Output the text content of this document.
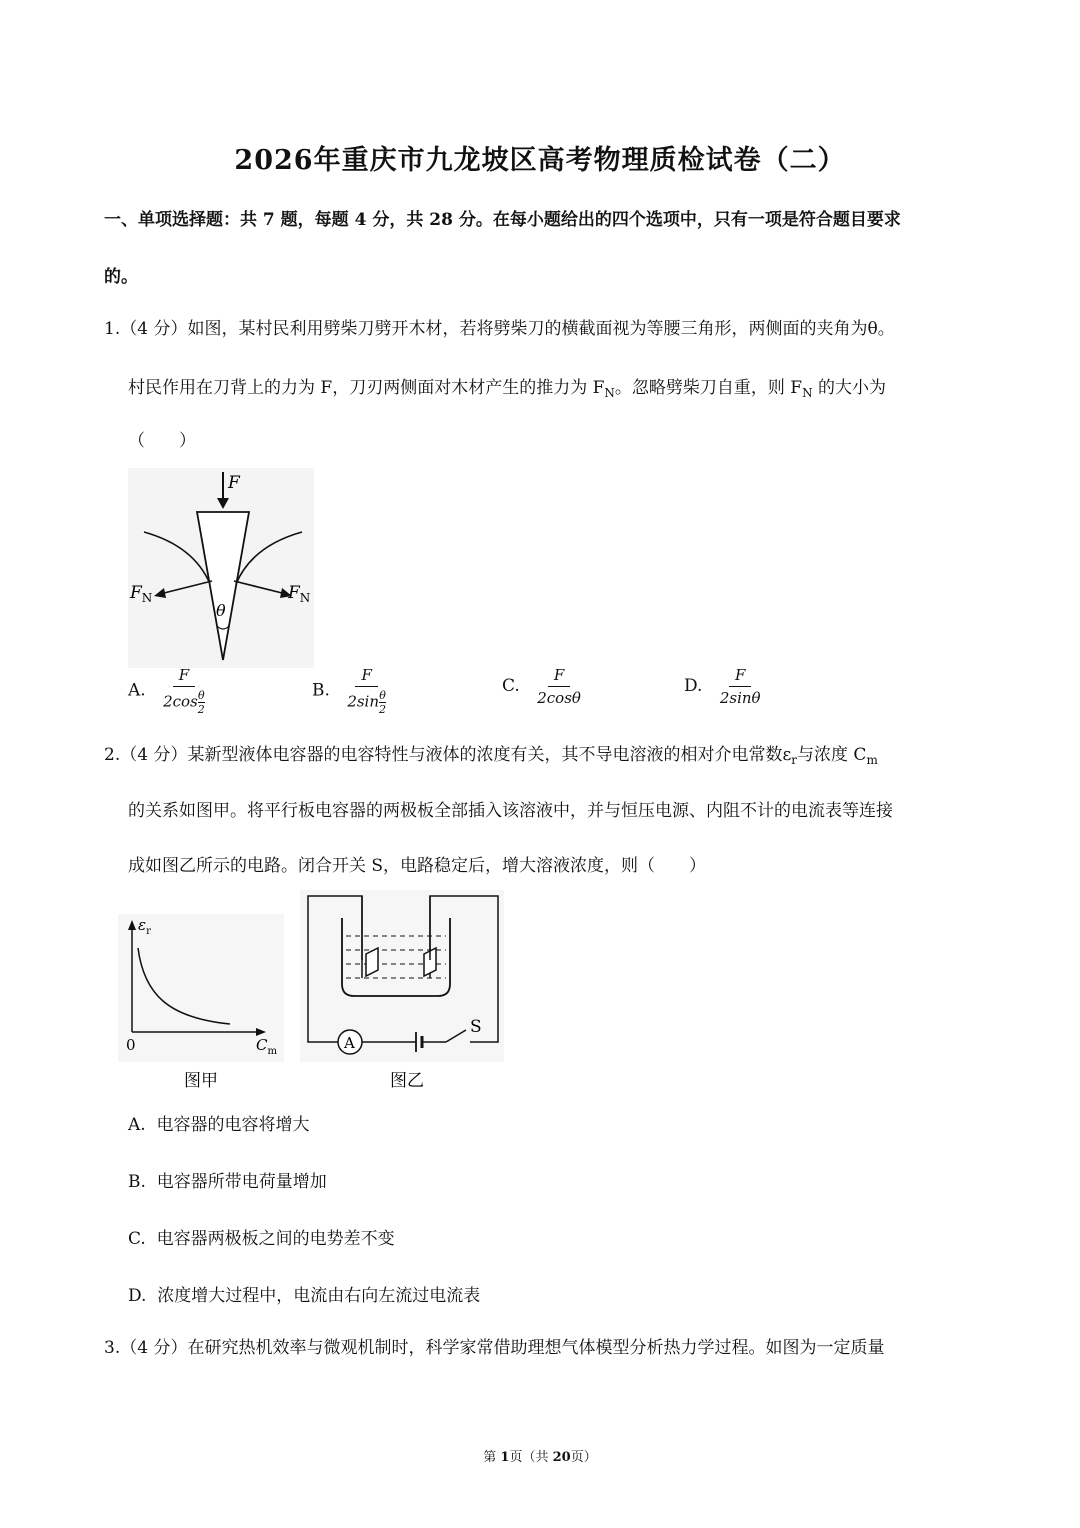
2026年重庆市九龙坡区高考物理质检试卷（二）
一、单项选择题：共 7 题，每题 4 分，共 28 分。在每小题给出的四个选项中，只有一项是符合题目要求
的。
1.（4 分）如图，某村民利用劈柴刀劈开木材，若将劈柴刀的横截面视为等腰三角形，两侧面的夹角为θ。
村民作用在刀背上的力为 F，刀刃两侧面对木材产生的推力为 $F_N$。忽略劈柴刀自重，则 $F_N$ 的大小为
（　　）
F
$F_N$	$F_N$
θ
A. $\frac{F}{2\cos \frac{\theta}{2}}$	B. $\frac{F}{2\sin \frac{\theta}{2}}$	C. $\frac{F}{2\cos\theta}$	D. $\frac{F}{2\sin\theta}$
2.（4 分）某新型液体电容器的电容特性与液体的浓度有关，其不导电溶液的相对介电常数$\varepsilon_r$与浓度 $C_m$
的关系如图甲。将平行板电容器的两极板全部插入该溶液中，并与恒压电源、内阻不计的电流表等连接
成如图乙所示的电路。闭合开关 S，电路稳定后，增大溶液浓度，则（　　）
$\varepsilon_r$
0	$C_m$
图甲
A
S
图乙
A. 电容器的电容将增大
B. 电容器所带电荷量增加
C. 电容器两极板之间的电势差不变
D. 浓度增大过程中，电流由右向左流过电流表
3.（4 分）在研究热机效率与微观机制时，科学家常借助理想气体模型分析热力学过程。如图为一定质量
第 1页（共 20页）
